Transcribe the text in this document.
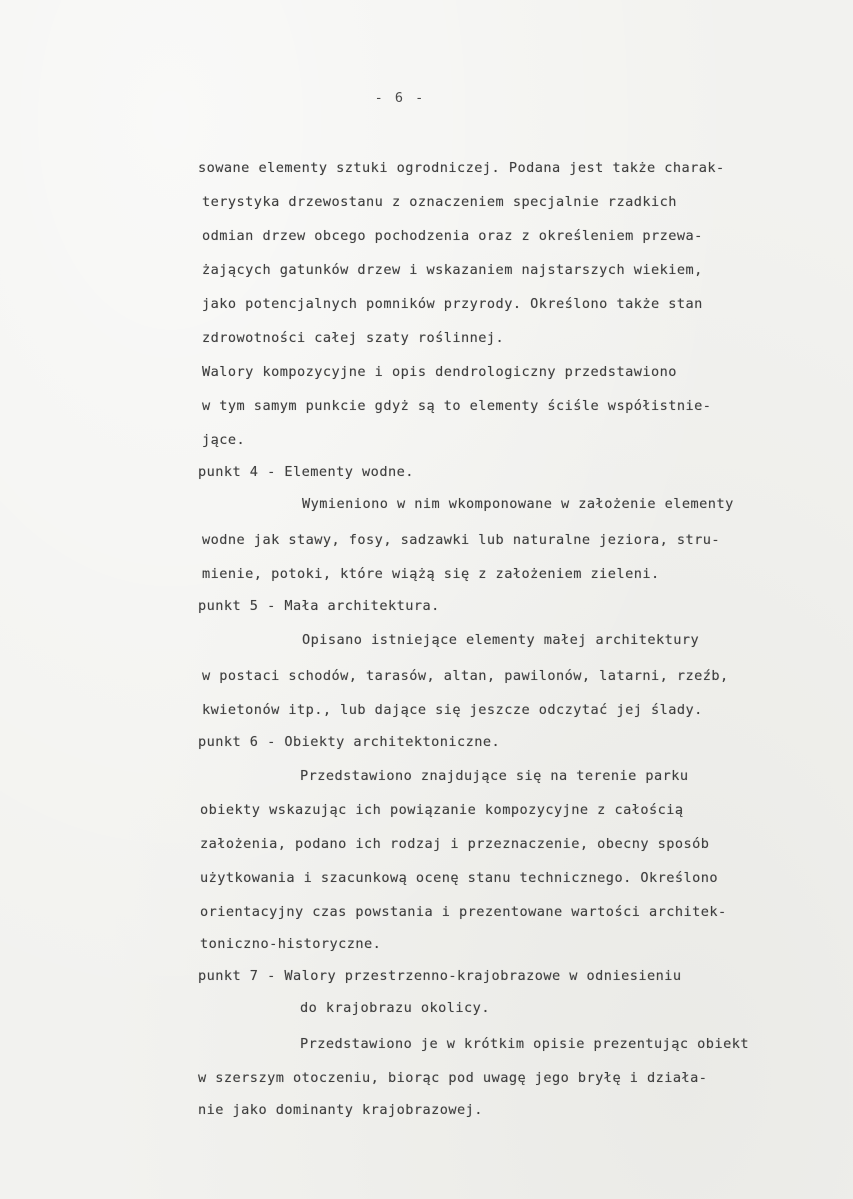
- 6 -
sowane elementy sztuki ogrodniczej. Podana jest także charak-
terystyka drzewostanu z oznaczeniem specjalnie rzadkich
odmian drzew obcego pochodzenia oraz z określeniem przewa-
żających gatunków drzew i wskazaniem najstarszych wiekiem,
jako potencjalnych pomników przyrody. Określono także stan
zdrowotności całej szaty roślinnej.
Walory kompozycyjne i opis dendrologiczny przedstawiono
w tym samym punkcie gdyż są to elementy ściśle współistnie-
jące.
punkt 4 - Elementy wodne.
Wymieniono w nim wkomponowane w założenie elementy
wodne jak stawy, fosy, sadzawki lub naturalne jeziora, stru-
mienie, potoki, które wiążą się z założeniem zieleni.
punkt 5 - Mała architektura.
Opisano istniejące elementy małej architektury
w postaci schodów, tarasów, altan, pawilonów, latarni, rzeźb,
kwietonów itp., lub dające się jeszcze odczytać jej ślady.
punkt 6 - Obiekty architektoniczne.
Przedstawiono znajdujące się na terenie parku
obiekty wskazując ich powiązanie kompozycyjne z całością
założenia, podano ich rodzaj i przeznaczenie, obecny sposób
użytkowania i szacunkową ocenę stanu technicznego. Określono
orientacyjny czas powstania i prezentowane wartości architek-
toniczno-historyczne.
punkt 7 - Walory przestrzenno-krajobrazowe w odniesieniu
do krajobrazu okolicy.
Przedstawiono je w krótkim opisie prezentując obiekt
w szerszym otoczeniu, biorąc pod uwagę jego bryłę i działa-
nie jako dominanty krajobrazowej.
